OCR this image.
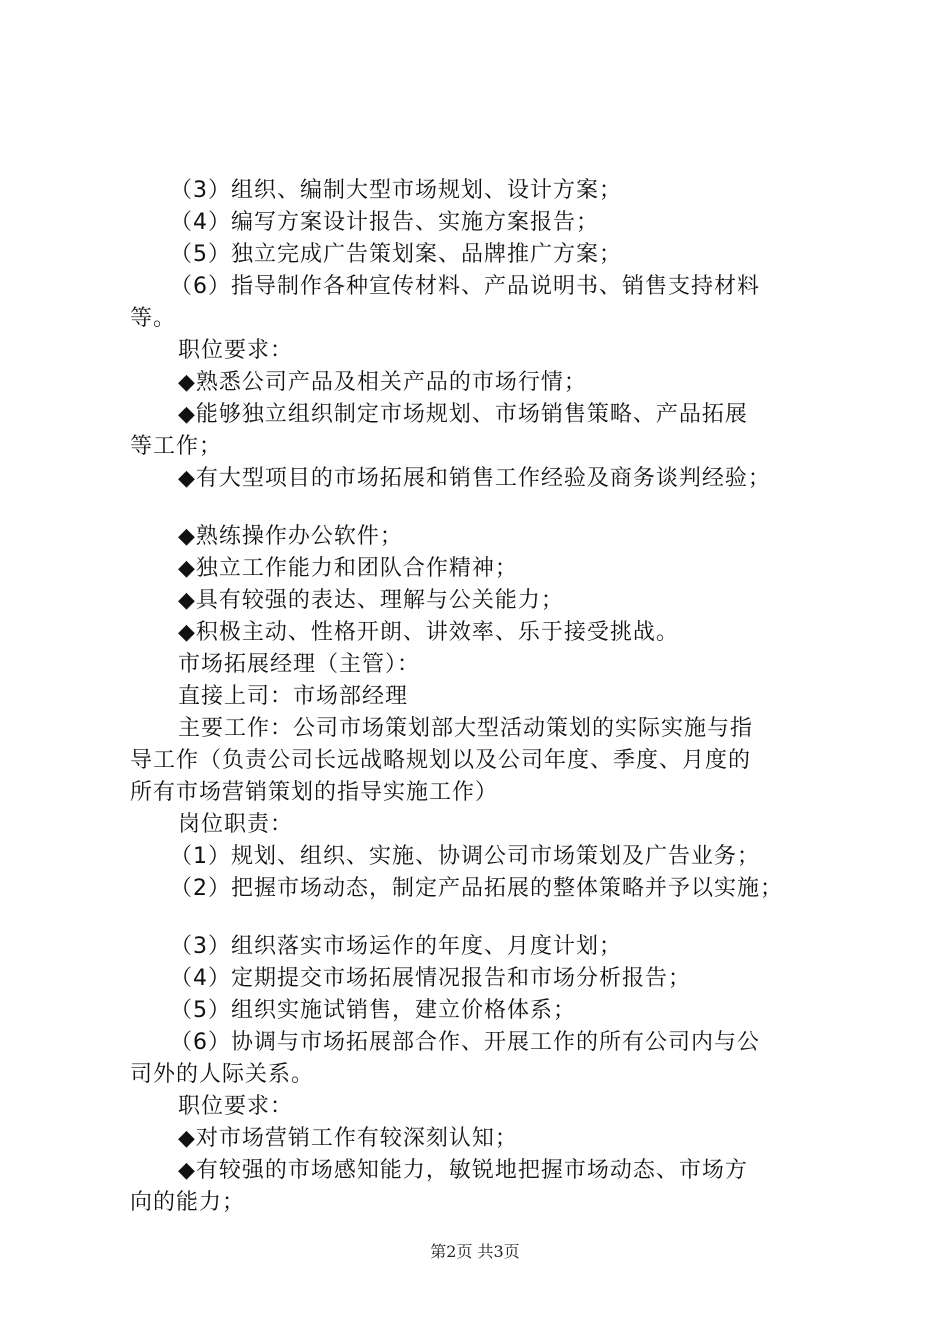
（3）组织、编制大型市场规划、设计方案；
（4）编写方案设计报告、实施方案报告；
（5）独立完成广告策划案、品牌推广方案；
（6）指导制作各种宣传材料、产品说明书、销售支持材料
等。
职位要求：
◆熟悉公司产品及相关产品的市场行情；
◆能够独立组织制定市场规划、市场销售策略、产品拓展
等工作；
◆有大型项目的市场拓展和销售工作经验及商务谈判经验；
◆熟练操作办公软件；
◆独立工作能力和团队合作精神；
◆具有较强的表达、理解与公关能力；
◆积极主动、性格开朗、讲效率、乐于接受挑战。
市场拓展经理（主管）：
直接上司：市场部经理
主要工作：公司市场策划部大型活动策划的实际实施与指
导工作（负责公司长远战略规划以及公司年度、季度、月度的
所有市场营销策划的指导实施工作）
岗位职责：
（1）规划、组织、实施、协调公司市场策划及广告业务；
（2）把握市场动态，制定产品拓展的整体策略并予以实施；
（3）组织落实市场运作的年度、月度计划；
（4）定期提交市场拓展情况报告和市场分析报告；
（5）组织实施试销售，建立价格体系；
（6）协调与市场拓展部合作、开展工作的所有公司内与公
司外的人际关系。
职位要求：
◆对市场营销工作有较深刻认知；
◆有较强的市场感知能力，敏锐地把握市场动态、市场方
向的能力；
第2页 共3页
